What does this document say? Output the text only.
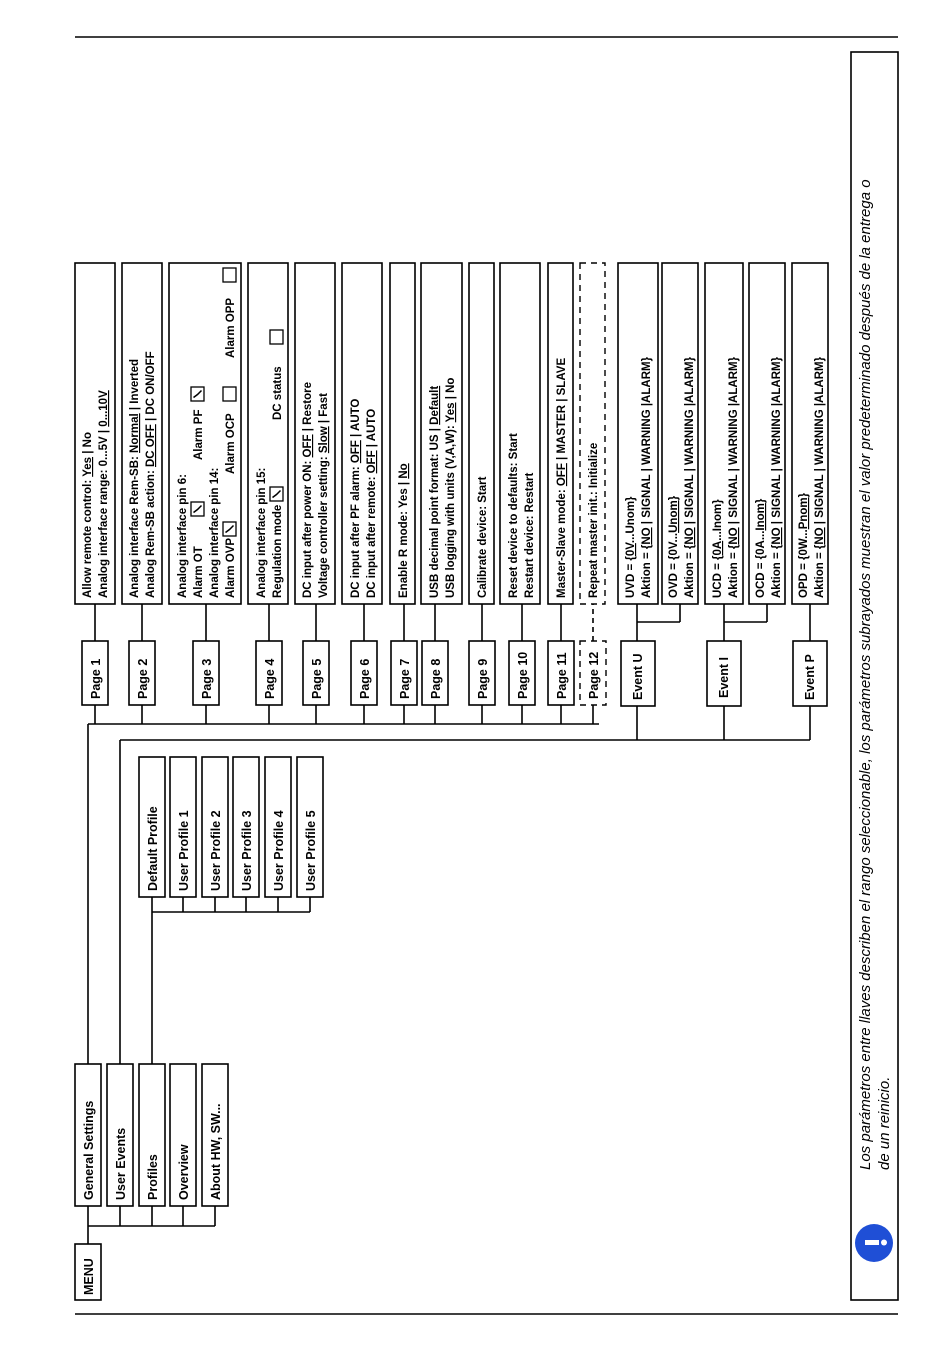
MENU
General Settings User Events Profiles Overview About HW, SW...
Default Profile User Profile 1 User Profile 2 User Profile 3 User Profile 4 User Profile 5
Page 1	Page 2	Page 3	Page 4	Page 5	Page 6 Page 7 Page 8	Page 9 Page 10 Page 11 Page 12 Event U	Event I	Event P
Allow remote control: Yes | No Analog interface range: 0...5V | 0...10V
Analog interface Rem-SB: Normal | Inverted
Analog Rem-SB action: DC OFF | DC ON/OFF
Analog interface pin 6: Alarm OT
Alarm PF
Analog interface pin 14: Alarm OVP
Alarm OCP
Alarm OPP
Analog interface pin 15: Regulation mode
DC status
DC input after power ON: OFF | Restore
Voltage controller setting: Slow | Fast
DC input after PF alarm: OFF | AUTO
DC input after remote: OFF | AUTO
Enable R mode: Yes | No USB decimal point format: US | Default
USB logging with units (V,A,W): Yes | No
Calibrate device: Start Reset device to defaults: Start Restart device: Restart Master-Slave mode: OFF | MASTER | SLAVE
Repeat master init.: Initialize UVD = {0V...Unom}
Aktion = {NO | SIGNAL | WARNING |ALARM}
OVD = {0V...Unom}
Aktion = {NO | SIGNAL | WARNING |ALARM}
UCD = {0A...Inom}
Aktion = {NO | SIGNAL | WARNING |ALARM}
OCD = {0A...Inom}
Aktion = {NO | SIGNAL | WARNING |ALARM}
OPD = {0W...Pnom}
Aktion = {NO | SIGNAL | WARNING |ALARM} Los parámetros entre llaves describen el rango seleccionable, los parámetros subrayados muestran el valor predeterminado después de la entrega o de un reinicio.
